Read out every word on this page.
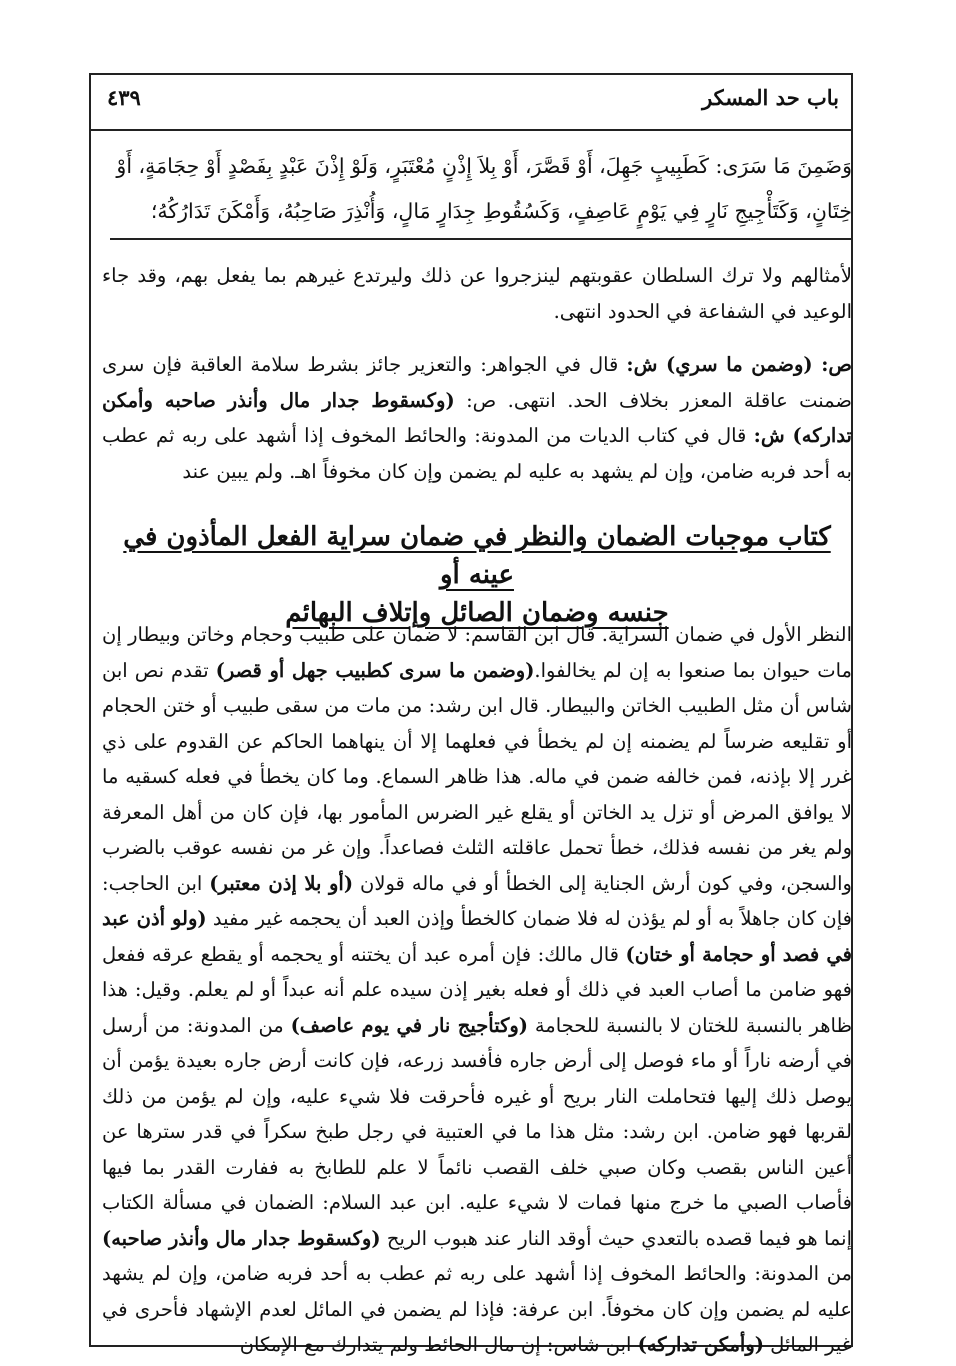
باب حد المسكر
٤٣٩
وَضَمِنَ مَا سَرَى: كَطَبِيبٍ جَهِلَ، أَوْ قَصَّرَ، أَوْ بِلاَ إِذْنٍ مُعْتَبَرٍ، وَلَوْ إِذْنَ عَبْدٍ بِفَصْدٍ أَوْ حِجَامَةٍ، أَوْ
خِتَانٍ، وَكَتَأْجِيجِ نَارٍ فِي يَوْمٍ عَاصِفٍ، وَكَسُقُوطِ جِدَارٍ مَالٍ، وَأُنْذِرَ صَاحِبُهُ، وَأَمْكَنَ تَدَارُكُهُ؛

لأمثالهم ولا ترك السلطان عقوبتهم لينزجروا عن ذلك وليرتدع غيرهم بما يفعل بهم، وقد جاء الوعيد في الشفاعة في الحدود انتهى.

ص: (وضمن ما سري) ش: قال في الجواهر: والتعزير جائز بشرط سلامة العاقبة فإن سرى ضمنت عاقلة المعزر بخلاف الحد. انتهى. ص: (وكسقوط جدار مال وأنذر صاحبه وأمكن تداركه) ش: قال في كتاب الديات من المدونة: والحائط المخوف إذا أشهد على ربه ثم عطب به أحد فربه ضامن، وإن لم يشهد به عليه لم يضمن وإن كان مخوفاً اهـ. ولم يبين عند

كتاب موجبات الضمان والنظر في ضمان سراية الفعل المأذون في عينه أو
جنسه وضمان الصائل وإتلاف البهائم

النظر الأول في ضمان السراية. قال ابن القاسم: لا ضمان على طبيب وحجام وخاتن وبيطار إن مات حيوان بما صنعوا به إن لم يخالفوا.(وضمن ما سرى كطبيب جهل أو قصر) تقدم نص ابن شاس أن مثل الطبيب الخاتن والبيطار. قال ابن رشد: من مات من سقى طبيب أو ختن الحجام أو تقليعه ضرساً لم يضمنه إن لم يخطأ في فعلهما إلا أن ينهاهما الحاكم عن القدوم على ذي غرر إلا بإذنه، فمن خالفه ضمن في ماله. هذا ظاهر السماع. وما كان يخطأ في فعله كسقيه ما لا يوافق المرض أو تزل يد الخاتن أو يقلع غير الضرس المأمور بها، فإن كان من أهل المعرفة ولم يغر من نفسه فذلك، خطأ تحمل عاقلته الثلث فصاعداً. وإن غر من نفسه عوقب بالضرب والسجن، وفي كون أرش الجناية إلى الخطأ أو في ماله قولان (أو بلا إذن معتبر) ابن الحاجب: فإن كان جاهلاً به أو لم يؤذن له فلا ضمان كالخطأ وإذن العبد أن يحجمه غير مفيد (ولو أذن عبد في فصد أو حجامة أو ختان) قال مالك: فإن أمره عبد أن يختنه أو يحجمه أو يقطع عرقه ففعل فهو ضامن ما أصاب العبد في ذلك أو فعله بغير إذن سيده علم أنه عبداً أو لم يعلم. وقيل: هذا ظاهر بالنسبة للختان لا بالنسبة للحجامة (وكتأجيج نار في يوم عاصف) من المدونة: من أرسل في أرضه ناراً أو ماء فوصل إلى أرض جاره فأفسد زرعه، فإن كانت أرض جاره بعيدة يؤمن أن يوصل ذلك إليها فتحاملت النار بريح أو غيره فأحرقت فلا شيء عليه، وإن لم يؤمن من ذلك لقربها فهو ضامن. ابن رشد: مثل هذا ما في العتبية في رجل طبخ سكراً في قدر سترها عن أعين الناس بقصب وكان صبي خلف القصب نائماً لا علم للطابخ به ففارت القدر بما فيها فأصاب الصبي ما خرج منها فمات لا شيء عليه. ابن عبد السلام: الضمان في مسألة الكتاب إنما هو فيما قصده بالتعدي حيث أوقد النار عند هبوب الريح (وكسقوط جدار مال وأنذر صاحبه) من المدونة: والحائط المخوف إذا أشهد على ربه ثم عطب به أحد فربه ضامن، وإن لم يشهد عليه لم يضمن وإن كان مخوفاً. ابن عرفة: فإذا لم يضمن في المائل لعدم الإشهاد فأحرى في غير المائل (وأمكن تداركه) ابن شاس: إن مال الحائط ولم يتدارك مع الإمكان
